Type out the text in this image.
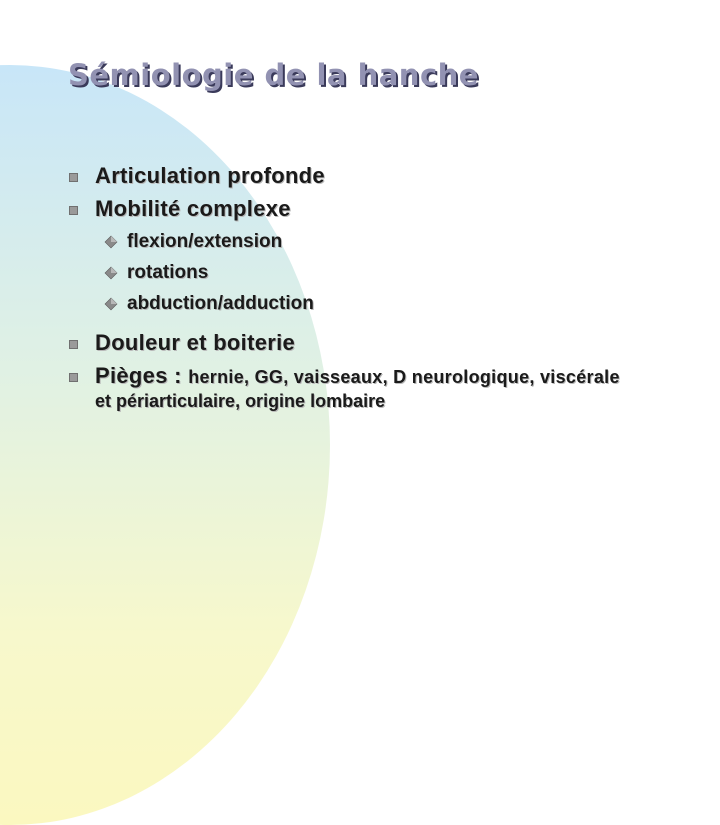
Sémiologie de la hanche
Articulation profonde
Mobilité complexe
flexion/extension
rotations
abduction/adduction
Douleur et boiterie
Pièges : hernie, GG, vaisseaux, D neurologique, viscérale
et périarticulaire, origine lombaire
